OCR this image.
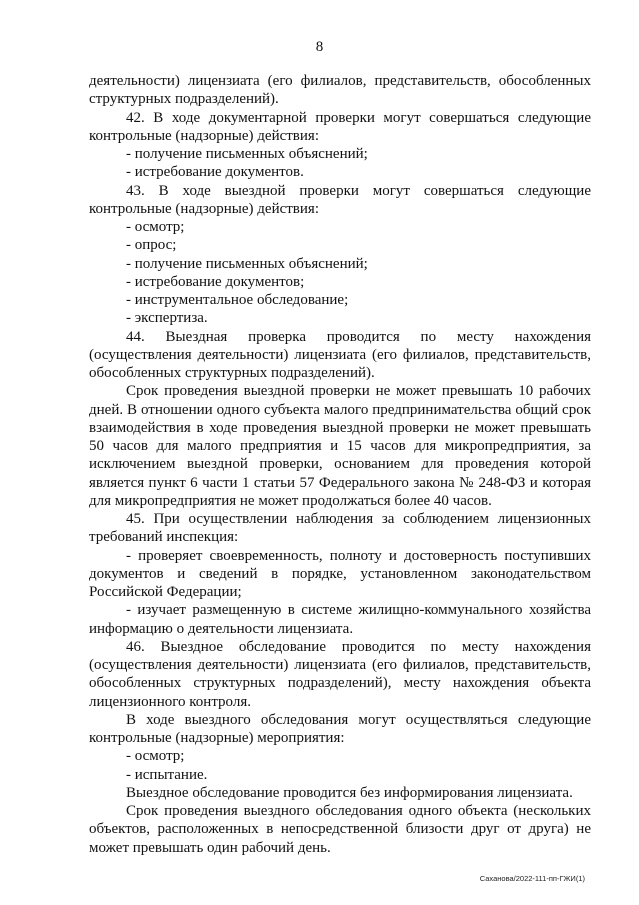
8

деятельности) лицензиата (его филиалов, представительств, обособленных структурных подразделений).

42. В ходе документарной проверки могут совершаться следующие контрольные (надзорные) действия:

- получение письменных объяснений;

- истребование документов.

43. В ходе выездной проверки могут совершаться следующие контрольные (надзорные) действия:

- осмотр;

- опрос;

- получение письменных объяснений;

- истребование документов;

- инструментальное обследование;

- экспертиза.

44. Выездная проверка проводится по месту нахождения (осуществления деятельности) лицензиата (его филиалов, представительств, обособленных структурных подразделений).

Срок проведения выездной проверки не может превышать 10 рабочих дней. В отношении одного субъекта малого предпринимательства общий срок взаимодействия в ходе проведения выездной проверки не может превышать 50 часов для малого предприятия и 15 часов для микропредприятия, за исключением выездной проверки, основанием для проведения которой является пункт 6 части 1 статьи 57 Федерального закона № 248-ФЗ и которая для микропредприятия не может продолжаться более 40 часов.

45. При осуществлении наблюдения за соблюдением лицензионных требований инспекция:

- проверяет своевременность, полноту и достоверность поступивших документов и сведений в порядке, установленном законодательством Российской Федерации;

- изучает размещенную в системе жилищно-коммунального хозяйства информацию о деятельности лицензиата.

46. Выездное обследование проводится по месту нахождения (осуществления деятельности) лицензиата (его филиалов, представительств, обособленных структурных подразделений), месту нахождения объекта лицензионного контроля.

В ходе выездного обследования могут осуществляться следующие контрольные (надзорные) мероприятия:

- осмотр;

- испытание.

Выездное обследование проводится без информирования лицензиата.

Срок проведения выездного обследования одного объекта (нескольких объектов, расположенных в непосредственной близости друг от друга) не может превышать один рабочий день.

Саханова/2022-111-пп-ГЖИ(1)
